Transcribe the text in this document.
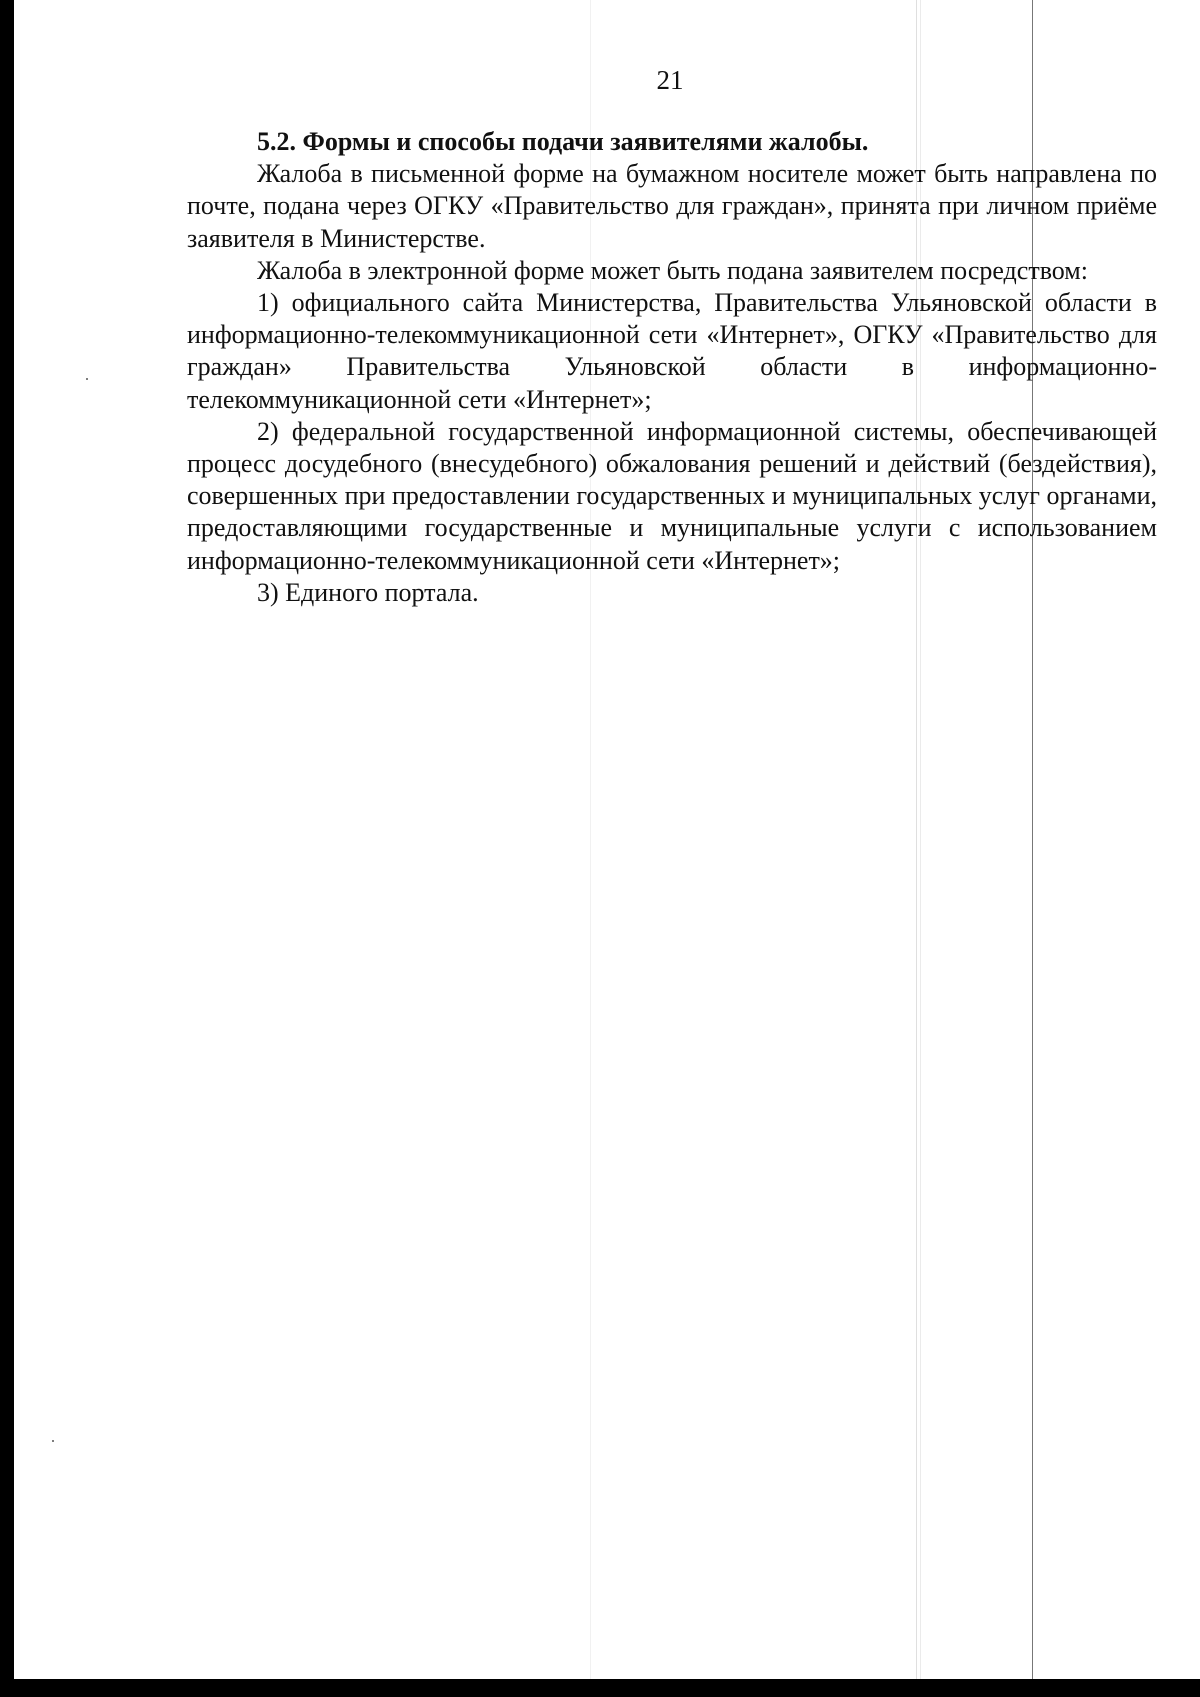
21

5.2. Формы и способы подачи заявителями жалобы.

Жалоба в письменной форме на бумажном носителе может быть направлена по почте, подана через ОГКУ «Правительство для граждан», принята при личном приёме заявителя в Министерстве.

Жалоба в электронной форме может быть подана заявителем посредством:

1) официального сайта Министерства, Правительства Ульяновской области в информационно-телекоммуникационной сети «Интернет», ОГКУ «Правительство для граждан» Правительства Ульяновской области в информационно-телекоммуникационной сети «Интернет»;

2) федеральной государственной информационной системы, обеспечивающей процесс досудебного (внесудебного) обжалования решений и действий (бездействия), совершенных при предоставлении государственных и муниципальных услуг органами, предоставляющими государственные и муниципальные услуги с использованием информационно-телекоммуникационной сети «Интернет»;

3) Единого портала.
